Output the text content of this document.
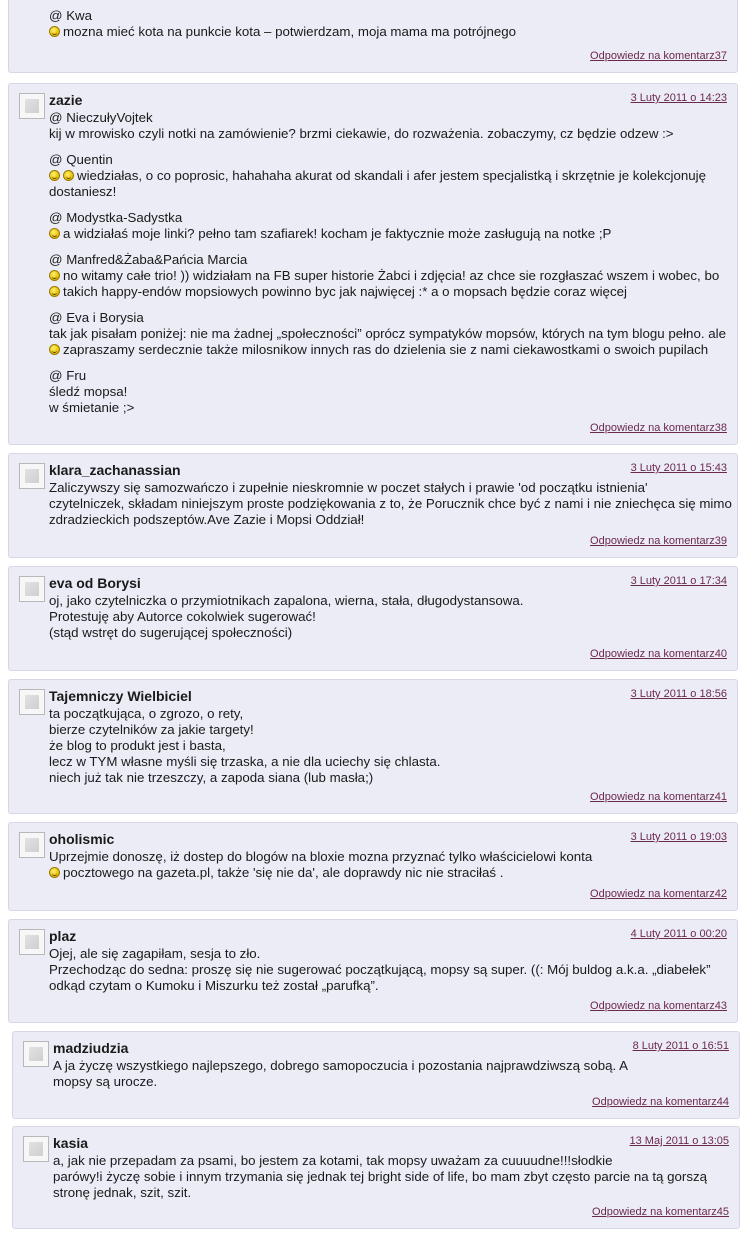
@ Kwa
mozna mieć kota na punkcie kota – potwierdzam, moja mama ma potrójnego
Odpowiedz na komentarz37
zazie	3 Luty 2011 o 14:23

@ NieczułyVojtek
kij w mrowisko czyli notki na zamówienie? brzmi ciekawie, do rozważenia. zobaczymy, cz będzie odzew :>

@ Quentin
wiedziałas, o co poprosic, hahahaha akurat od skandali i afer jestem specjalistką i skrzętnie je kolekcjonuję
dostaniesz!

@ Modystka-Sadystka
a widziałaś moje linki? pełno tam szafiarek! kocham je faktycznie może zasługują na notke ;P

@ Manfred&Żaba&Pańcia Marcia
no witamy całe trio! )) widziałam na FB super historie Żabci i zdjęcia! az chce sie rozgłaszać wszem i wobec, bo
takich happy-endów mopsiowych powinno byc jak najwięcej :* a o mopsach będzie coraz więcej

@ Eva i Borysia
tak jak pisałam poniżej: nie ma żadnej „społeczności” oprócz sympatyków mopsów, których na tym blogu pełno. ale
zapraszamy serdecznie także milosnikow innych ras do dzielenia sie z nami ciekawostkami o swoich pupilach

@ Fru
śledź mopsa!
w śmietanie ;>

Odpowiedz na komentarz38
klara_zachanassian	3 Luty 2011 o 15:43
Zaliczywszy się samozwańczo i zupełnie nieskromnie w poczet stałych i prawie 'od początku istnienia'
czytelniczek, składam niniejszym proste podziękowania z to, że Porucznik chce być z nami i nie zniechęca się mimo
zdradzieckich podszeptów.Ave Zazie i Mopsi Oddział!
Odpowiedz na komentarz39
eva od Borysi	3 Luty 2011 o 17:34
oj, jako czytelniczka o przymiotnikach zapalona, wierna, stała, długodystansowa.
Protestuję aby Autorce cokolwiek sugerować!
(stąd wstręt do sugerującej społeczności)
Odpowiedz na komentarz40
Tajemniczy Wielbiciel	3 Luty 2011 o 18:56
ta początkująca, o zgrozo, o rety,
bierze czytelników za jakie targety!
że blog to produkt jest i basta,
lecz w TYM własne myśli się trzaska, a nie dla uciechy się chlasta.
niech już tak nie trzeszczy, a zapoda siana (lub masła;)
Odpowiedz na komentarz41
oholismic	3 Luty 2011 o 19:03
Uprzejmie donoszę, iż dostep do blogów na bloxie mozna przyznać tylko właścicielowi konta
pocztowego na gazeta.pl, także 'się nie da', ale doprawdy nic nie straciłaś .
Odpowiedz na komentarz42
plaz	4 Luty 2011 o 00:20
Ojej, ale się zagapiłam, sesja to zło.
Przechodząc do sedna: proszę się nie sugerować początkującą, mopsy są super. ((: Mój buldog a.k.a. „diabełek”
odkąd czytam o Kumoku i Miszurku też został „parufką”.
Odpowiedz na komentarz43
madziudzia	8 Luty 2011 o 16:51
A ja życzę wszystkiego najlepszego, dobrego samopoczucia i pozostania najprawdziwszą sobą. A
mopsy są urocze.
Odpowiedz na komentarz44
kasia	13 Maj 2011 o 13:05
a, jak nie przepadam za psami, bo jestem za kotami, tak mopsy uważam za cuuuudne!!!słodkie
parówy!i życzę sobie i innym trzymania się jednak tej bright side of life, bo mam zbyt często parcie na tą gorszą
stronę jednak, szit, szit.
Odpowiedz na komentarz45
